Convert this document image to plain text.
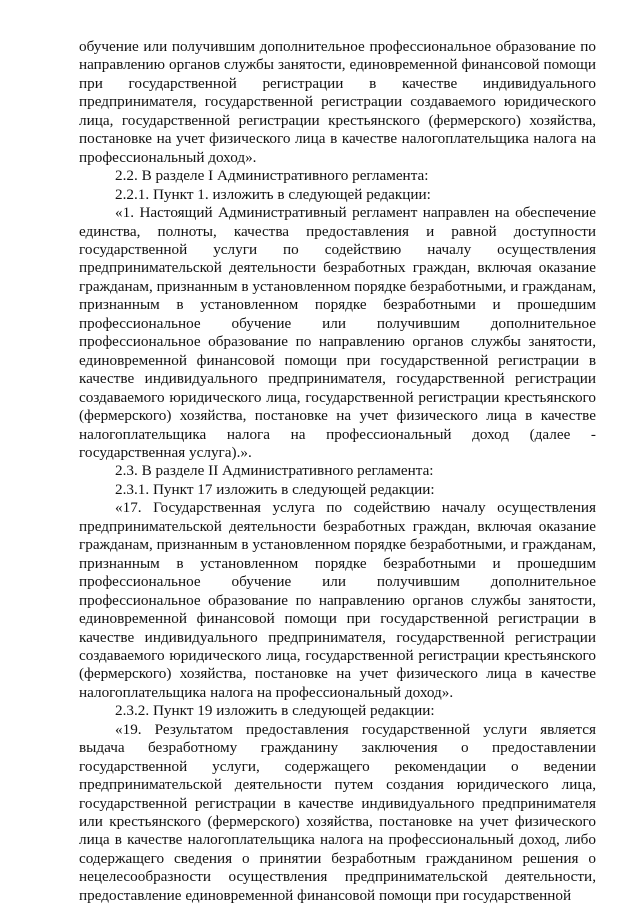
обучение или получившим дополнительное профессиональное образование по направлению органов службы занятости, единовременной финансовой помощи при государственной регистрации в качестве индивидуального предпринимателя, государственной регистрации создаваемого юридического лица, государственной регистрации крестьянского (фермерского) хозяйства, постановке на учет физического лица в качестве налогоплательщика налога на профессиональный доход».

2.2. В разделе I Административного регламента:

2.2.1. Пункт 1. изложить в следующей редакции:

«1. Настоящий Административный регламент направлен на обеспечение единства, полноты, качества предоставления и равной доступности государственной услуги по содействию началу осуществления предпринимательской деятельности безработных граждан, включая оказание гражданам, признанным в установленном порядке безработными, и гражданам, признанным в установленном порядке безработными и прошедшим профессиональное обучение или получившим дополнительное профессиональное образование по направлению органов службы занятости, единовременной финансовой помощи при государственной регистрации в качестве индивидуального предпринимателя, государственной регистрации создаваемого юридического лица, государственной регистрации крестьянского (фермерского) хозяйства, постановке на учет физического лица в качестве налогоплательщика налога на профессиональный доход (далее - государственная услуга).».

2.3. В разделе II Административного регламента:

2.3.1. Пункт 17 изложить в следующей редакции:

«17. Государственная услуга по содействию началу осуществления предпринимательской деятельности безработных граждан, включая оказание гражданам, признанным в установленном порядке безработными, и гражданам, признанным в установленном порядке безработными и прошедшим профессиональное обучение или получившим дополнительное профессиональное образование по направлению органов службы занятости, единовременной финансовой помощи при государственной регистрации в качестве индивидуального предпринимателя, государственной регистрации создаваемого юридического лица, государственной регистрации крестьянского (фермерского) хозяйства, постановке на учет физического лица в качестве налогоплательщика налога на профессиональный доход».

2.3.2. Пункт 19 изложить в следующей редакции:

«19. Результатом предоставления государственной услуги является выдача безработному гражданину заключения о предоставлении государственной услуги, содержащего рекомендации о ведении предпринимательской деятельности путем создания юридического лица, государственной регистрации в качестве индивидуального предпринимателя или крестьянского (фермерского) хозяйства, постановке на учет физического лица в качестве налогоплательщика налога на профессиональный доход, либо содержащего сведения о принятии безработным гражданином решения о нецелесообразности осуществления предпринимательской деятельности, предоставление единовременной финансовой помощи при государственной
